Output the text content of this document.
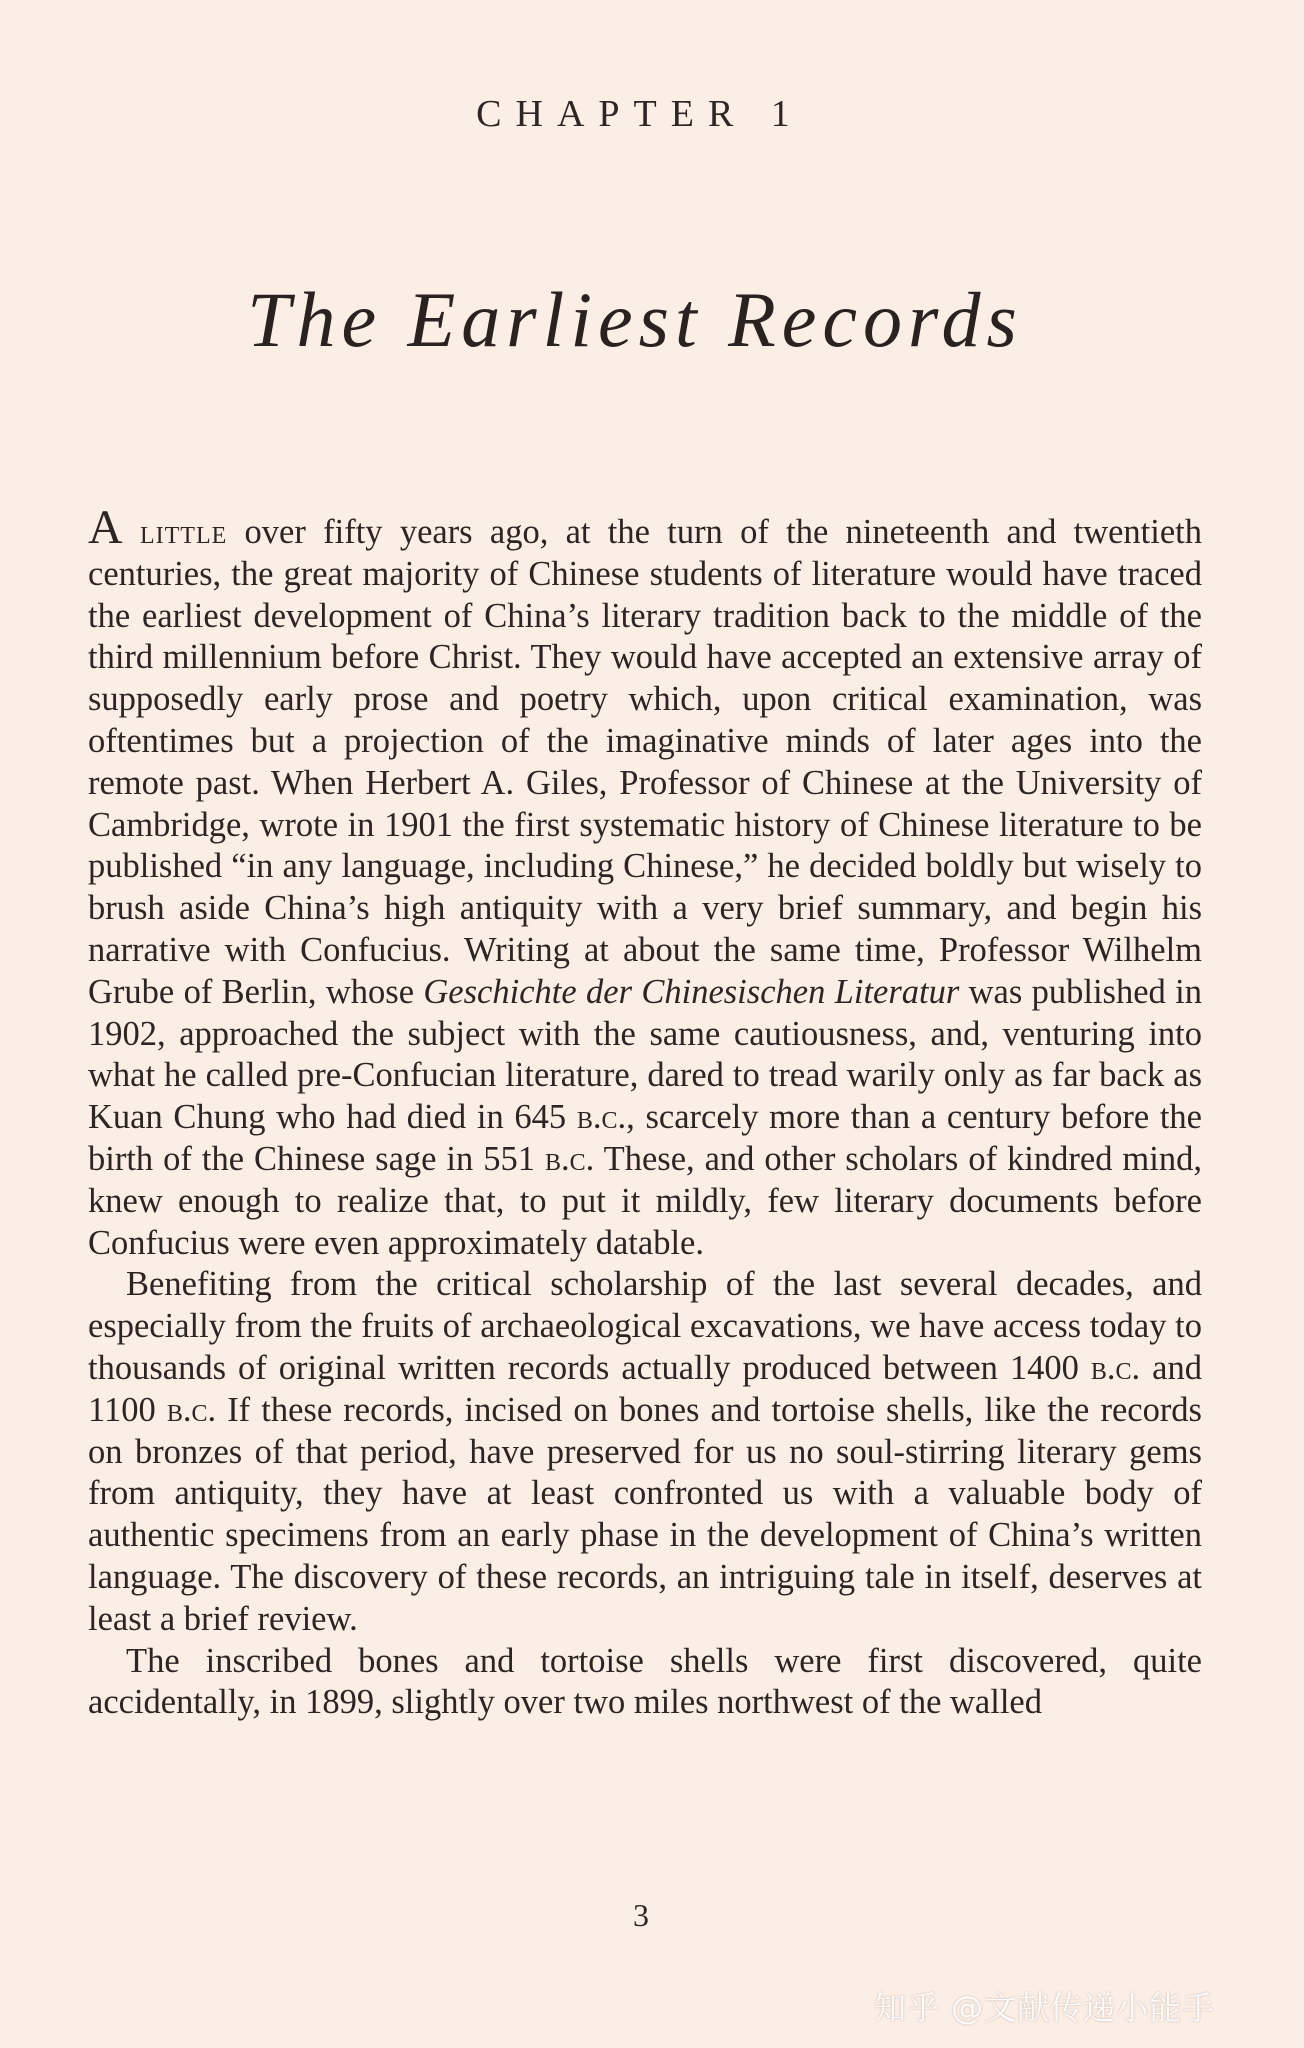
CHAPTER 1
The Earliest Records

A little over fifty years ago, at the turn of the nineteenth and twentieth centuries, the great majority of Chinese students of literature would have traced the earliest development of China’s literary tradition back to the middle of the third millennium before Christ. They would have accepted an extensive array of supposedly early prose and poetry which, upon critical examination, was oftentimes but a projection of the imaginative minds of later ages into the remote past. When Herbert A. Giles, Professor of Chinese at the University of Cambridge, wrote in 1901 the first systematic history of Chinese literature to be published “in any language, including Chinese,” he decided boldly but wisely to brush aside China’s high antiquity with a very brief summary, and begin his narrative with Confucius. Writing at about the same time, Professor Wilhelm Grube of Berlin, whose Geschichte der Chinesischen Literatur was published in 1902, approached the subject with the same cautiousness, and, venturing into what he called pre-Confucian literature, dared to tread warily only as far back as Kuan Chung who had died in 645 b.c., scarcely more than a century before the birth of the Chinese sage in 551 b.c. These, and other scholars of kindred mind, knew enough to realize that, to put it mildly, few literary documents before Confucius were even approximately datable.

Benefiting from the critical scholarship of the last several decades, and especially from the fruits of archaeological excavations, we have access today to thousands of original written records actually produced between 1400 b.c. and 1100 b.c. If these records, incised on bones and tortoise shells, like the records on bronzes of that period, have preserved for us no soul-stirring literary gems from antiquity, they have at least confronted us with a valuable body of authentic specimens from an early phase in the development of China’s written language. The discovery of these records, an intriguing tale in itself, deserves at least a brief review.

The inscribed bones and tortoise shells were first discovered, quite accidentally, in 1899, slightly over two miles northwest of the walled

3
知乎 @文献传递小能手
